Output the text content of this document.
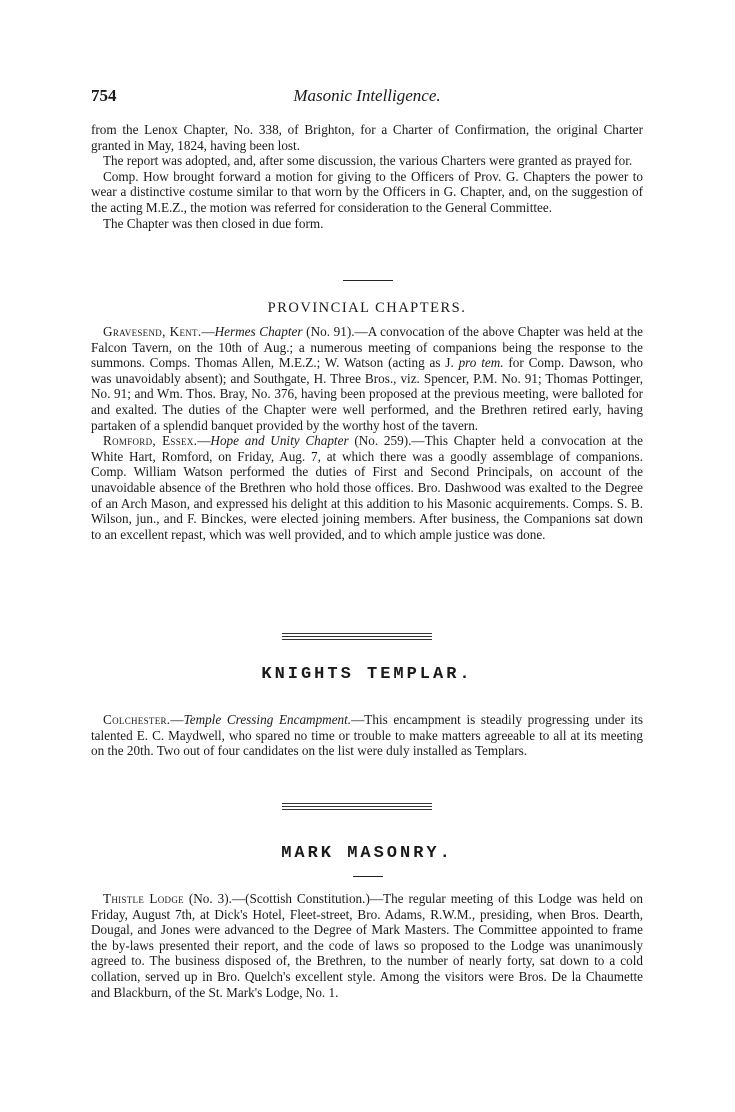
754	Masonic Intelligence.

from the Lenox Chapter, No. 338, of Brighton, for a Charter of Confirmation, the original Charter granted in May, 1824, having been lost.

The report was adopted, and, after some discussion, the various Charters were granted as prayed for.

Comp. How brought forward a motion for giving to the Officers of Prov. G. Chapters the power to wear a distinctive costume similar to that worn by the Officers in G. Chapter, and, on the suggestion of the acting M.E.Z., the motion was referred for consideration to the General Committee.

The Chapter was then closed in due form.

PROVINCIAL CHAPTERS.

Gravesend, Kent.—Hermes Chapter (No. 91).—A convocation of the above Chapter was held at the Falcon Tavern, on the 10th of Aug.; a numerous meeting of companions being the response to the summons. Comps. Thomas Allen, M.E.Z.; W. Watson (acting as J. pro tem. for Comp. Dawson, who was unavoidably absent); and Southgate, H. Three Bros., viz. Spencer, P.M. No. 91; Thomas Pottinger, No. 91; and Wm. Thos. Bray, No. 376, having been proposed at the previous meeting, were balloted for and exalted. The duties of the Chapter were well performed, and the Brethren retired early, having partaken of a splendid banquet provided by the worthy host of the tavern.

Romford, Essex.—Hope and Unity Chapter (No. 259).—This Chapter held a convocation at the White Hart, Romford, on Friday, Aug. 7, at which there was a goodly assemblage of companions. Comp. William Watson performed the duties of First and Second Principals, on account of the unavoidable absence of the Brethren who hold those offices. Bro. Dashwood was exalted to the Degree of an Arch Mason, and expressed his delight at this addition to his Masonic acquirements. Comps. S. B. Wilson, jun., and F. Binckes, were elected joining members. After business, the Companions sat down to an excellent repast, which was well provided, and to which ample justice was done.

KNIGHTS TEMPLAR.

Colchester.—Temple Cressing Encampment.—This encampment is steadily progressing under its talented E. C. Maydwell, who spared no time or trouble to make matters agreeable to all at its meeting on the 20th. Two out of four candidates on the list were duly installed as Templars.

MARK MASONRY.

Thistle Lodge (No. 3).—(Scottish Constitution.)—The regular meeting of this Lodge was held on Friday, August 7th, at Dick's Hotel, Fleet-street, Bro. Adams, R.W.M., presiding, when Bros. Dearth, Dougal, and Jones were advanced to the Degree of Mark Masters. The Committee appointed to frame the by-laws presented their report, and the code of laws so proposed to the Lodge was unanimously agreed to. The business disposed of, the Brethren, to the number of nearly forty, sat down to a cold collation, served up in Bro. Quelch's excellent style. Among the visitors were Bros. De la Chaumette and Blackburn, of the St. Mark's Lodge, No. 1.
